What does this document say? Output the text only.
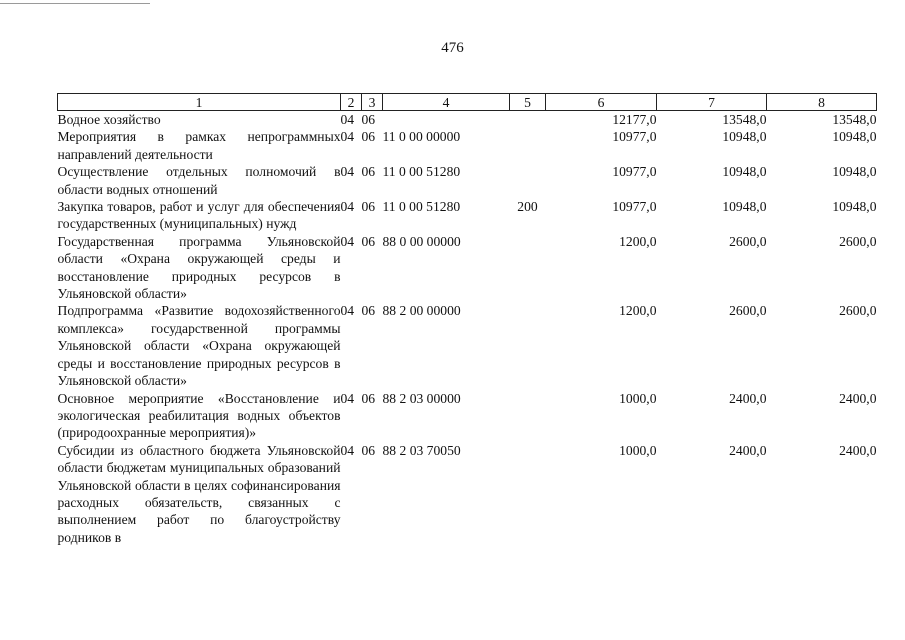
476
1	2	3	4	5	6	7	8
Водное хозяйство	04	06			12177,0	13548,0	13548,0
Мероприятия в рамках непрограммных направлений деятельности	04	06	11 0 00 00000		10977,0	10948,0	10948,0
Осуществление отдельных полномочий в области водных отношений	04	06	11 0 00 51280		10977,0	10948,0	10948,0
Закупка товаров, работ и услуг для обеспечения государственных (муниципальных) нужд	04	06	11 0 00 51280	200	10977,0	10948,0	10948,0
Государственная программа Ульяновской области «Охрана окружающей среды и восстановление природных ресурсов в Ульяновской области»	04	06	88 0 00 00000		1200,0	2600,0	2600,0
Подпрограмма «Развитие водохозяйственного комплекса» государственной программы Ульяновской области «Охрана окружающей среды и восстановление природных ресурсов в Ульяновской области»	04	06	88 2 00 00000		1200,0	2600,0	2600,0
Основное мероприятие «Восстановление и экологическая реабилитация водных объектов (природоохранные мероприятия)»	04	06	88 2 03 00000		1000,0	2400,0	2400,0
Субсидии из областного бюджета Ульяновской области бюджетам муниципальных образований Ульяновской области в целях софинансирования расходных обязательств, связанных с выполнением работ по благоустройству родников в	04	06	88 2 03 70050		1000,0	2400,0	2400,0
